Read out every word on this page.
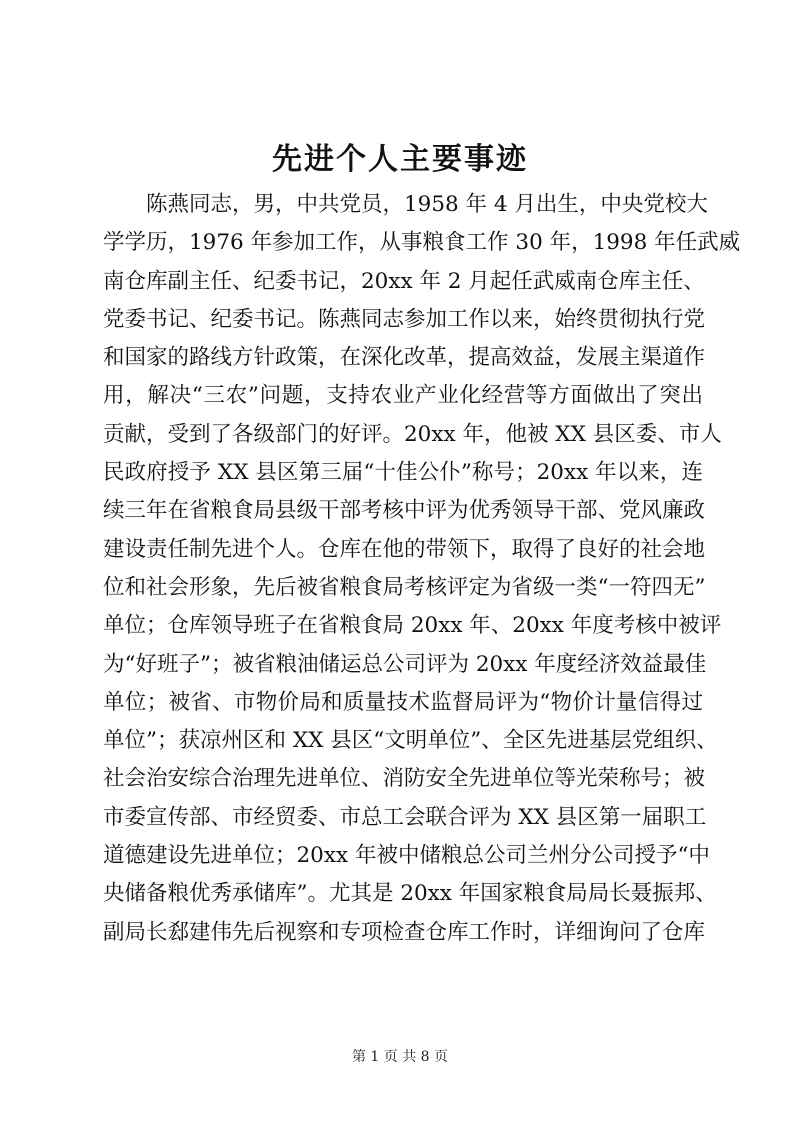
先进个人主要事迹
陈燕同志，男，中共党员，1958 年 4 月出生，中央党校大
学学历，1976 年参加工作，从事粮食工作 30 年，1998 年任武威
南仓库副主任、纪委书记，20xx 年 2 月起任武威南仓库主任、
党委书记、纪委书记。陈燕同志参加工作以来，始终贯彻执行党
和国家的路线方针政策，在深化改革，提高效益，发展主渠道作
用，解决“三农”问题，支持农业产业化经营等方面做出了突出
贡献，受到了各级部门的好评。20xx 年，他被 XX 县区委、市人
民政府授予 XX 县区第三届“十佳公仆”称号；20xx 年以来，连
续三年在省粮食局县级干部考核中评为优秀领导干部、党风廉政
建设责任制先进个人。仓库在他的带领下，取得了良好的社会地
位和社会形象，先后被省粮食局考核评定为省级一类“一符四无”
单位；仓库领导班子在省粮食局 20xx 年、20xx 年度考核中被评
为“好班子”；被省粮油储运总公司评为 20xx 年度经济效益最佳
单位；被省、市物价局和质量技术监督局评为“物价计量信得过
单位”；获凉州区和 XX 县区“文明单位”、全区先进基层党组织、
社会治安综合治理先进单位、消防安全先进单位等光荣称号；被
市委宣传部、市经贸委、市总工会联合评为 XX 县区第一届职工
道德建设先进单位；20xx 年被中储粮总公司兰州分公司授予“中
央储备粮优秀承储库”。尤其是 20xx 年国家粮食局局长聂振邦、
副局长郄建伟先后视察和专项检查仓库工作时，详细询问了仓库
第 1 页 共 8 页
